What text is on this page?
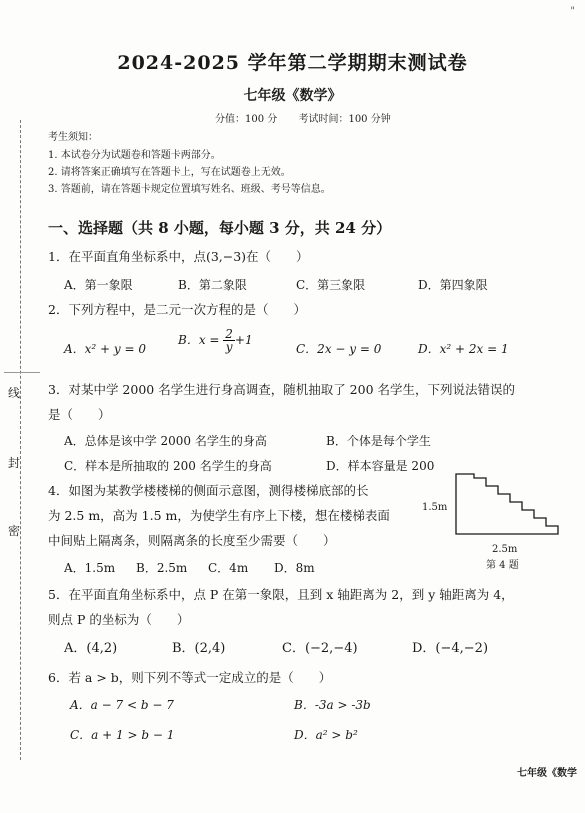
"
2024-2025 学年第二学期期末测试卷
七年级《数学》
分值：100 分 考试时间：100 分钟
考生须知：
1. 本试卷分为试题卷和答题卡两部分。
2. 请将答案正确填写在答题卡上，写在试题卷上无效。
3. 答题前，请在答题卡规定位置填写姓名、班级、考号等信息。
线
封
密
一、选择题（共 8 小题，每小题 3 分，共 24 分）
1．在平面直角坐标系中，点(3,−3)在（　　）
A．第一象限	B．第二象限	C．第三象限	D．第四象限
2．下列方程中，是二元一次方程的是（　　）
A．x² + y = 0
B．$x = \frac{2}{y} +1$
C．2x − y = 0	D．x² + 2x = 1
3．对某中学 2000 名学生进行身高调查，随机抽取了 200 名学生，下列说法错误的
是（　　）
A．总体是该中学 2000 名学生的身高	B．个体是每个学生
C．样本是所抽取的 200 名学生的身高	D．样本容量是 200
4．如图为某教学楼楼梯的侧面示意图，测得楼梯底部的长
为 2.5 m，高为 1.5 m，为使学生有序上下楼，想在楼梯表面
中间贴上隔离条，则隔离条的长度至少需要（　　）
A．1.5m B．2.5m C．4m D．8m
1.5m
2.5m
第 4 题
5．在平面直角坐标系中，点 P 在第一象限，且到 x 轴距离为 2，到 y 轴距离为 4，
则点 P 的坐标为（　　）
A．(4,2)	B．(2,4)	C．(−2,−4)	D．(−4,−2)
6．若 a > b，则下列不等式一定成立的是（　　）
A．a − 7 < b − 7	B．-3a > -3b
C．a + 1 > b − 1	D．a² > b²
七年级《数学
